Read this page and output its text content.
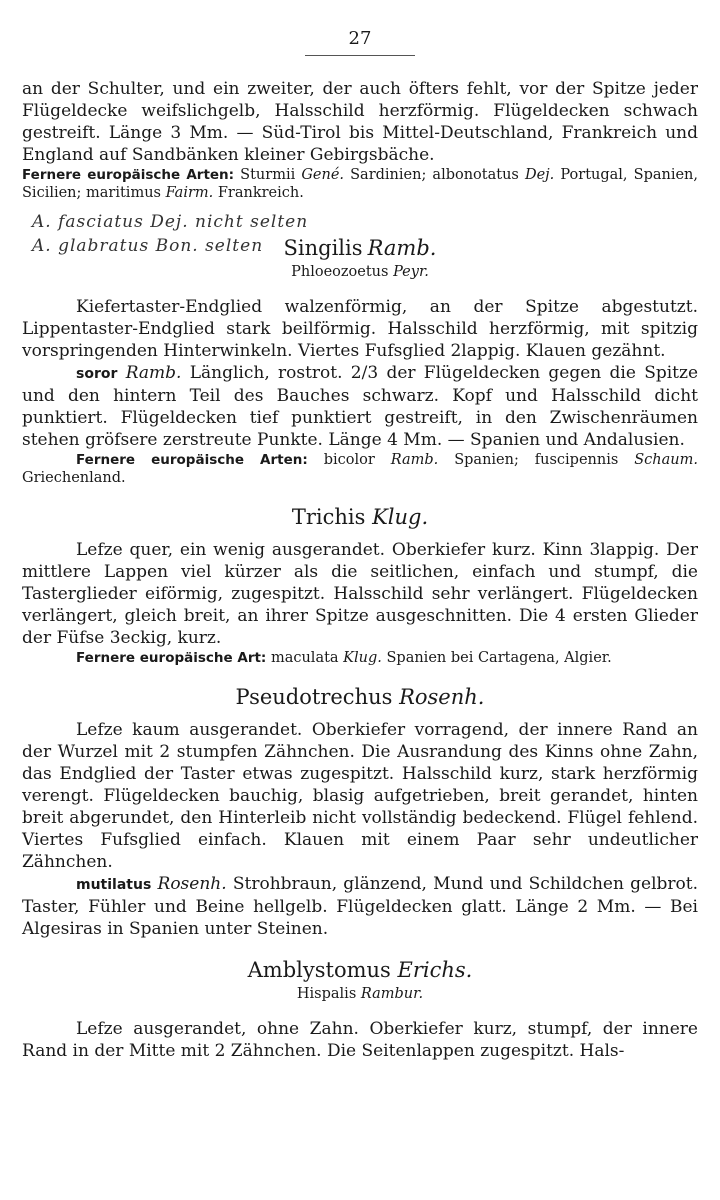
27

an der Schulter, und ein zweiter, der auch öfters fehlt, vor der Spitze jeder Flügeldecke weifslichgelb, Halsschild herzförmig. Flügeldecken schwach gestreift. Länge 3 Mm. — Süd-Tirol bis Mittel-Deutschland, Frankreich und England auf Sandbänken kleiner Gebirgsbäche.

Fernere europäische Arten: Sturmii Gené. Sardinien; albonotatus Dej. Portugal, Spanien, Sicilien; maritimus Fairm. Frankreich.

A. fasciatus Dej. nicht selten
A. glabratus Bon. selten Singilis
Ramb.
Phloeozoetus Peyr.

Kiefertaster-Endglied walzenförmig, an der Spitze abgestutzt. Lippentaster-Endglied stark beilförmig. Halsschild herzförmig, mit spitzig vorspringenden Hinterwinkeln. Viertes Fufsglied 2lappig. Klauen gezähnt.

soror Ramb. Länglich, rostrot. 2/3 der Flügeldecken gegen die Spitze und den hintern Teil des Bauches schwarz. Kopf und Halsschild dicht punktiert. Flügeldecken tief punktiert gestreift, in den Zwischenräumen stehen gröfsere zerstreute Punkte. Länge 4 Mm. — Spanien und Andalusien.

Fernere europäische Arten: bicolor Ramb. Spanien; fuscipennis Schaum. Griechenland.

Trichis Klug.

Lefze quer, ein wenig ausgerandet. Oberkiefer kurz. Kinn 3lappig. Der mittlere Lappen viel kürzer als die seitlichen, einfach und stumpf, die Tasterglieder eiförmig, zugespitzt. Halsschild sehr verlängert. Flügeldecken verlängert, gleich breit, an ihrer Spitze ausgeschnitten. Die 4 ersten Glieder der Füfse 3eckig, kurz.

Fernere europäische Art: maculata Klug. Spanien bei Cartagena, Algier.

Pseudotrechus Rosenh.

Lefze kaum ausgerandet. Oberkiefer vorragend, der innere Rand an der Wurzel mit 2 stumpfen Zähnchen. Die Ausrandung des Kinns ohne Zahn, das Endglied der Taster etwas zugespitzt. Halsschild kurz, stark herzförmig verengt. Flügeldecken bauchig, blasig aufgetrieben, breit gerandet, hinten breit abgerundet, den Hinterleib nicht vollständig bedeckend. Flügel fehlend. Viertes Fufsglied einfach. Klauen mit einem Paar sehr undeutlicher Zähnchen.

mutilatus Rosenh. Strohbraun, glänzend, Mund und Schildchen gelbrot. Taster, Fühler und Beine hellgelb. Flügeldecken glatt. Länge 2 Mm. — Bei Algesiras in Spanien unter Steinen.

Amblystomus Erichs.
Hispalis Rambur.

Lefze ausgerandet, ohne Zahn. Oberkiefer kurz, stumpf, der innere Rand in der Mitte mit 2 Zähnchen. Die Seitenlappen zugespitzt. Hals-
